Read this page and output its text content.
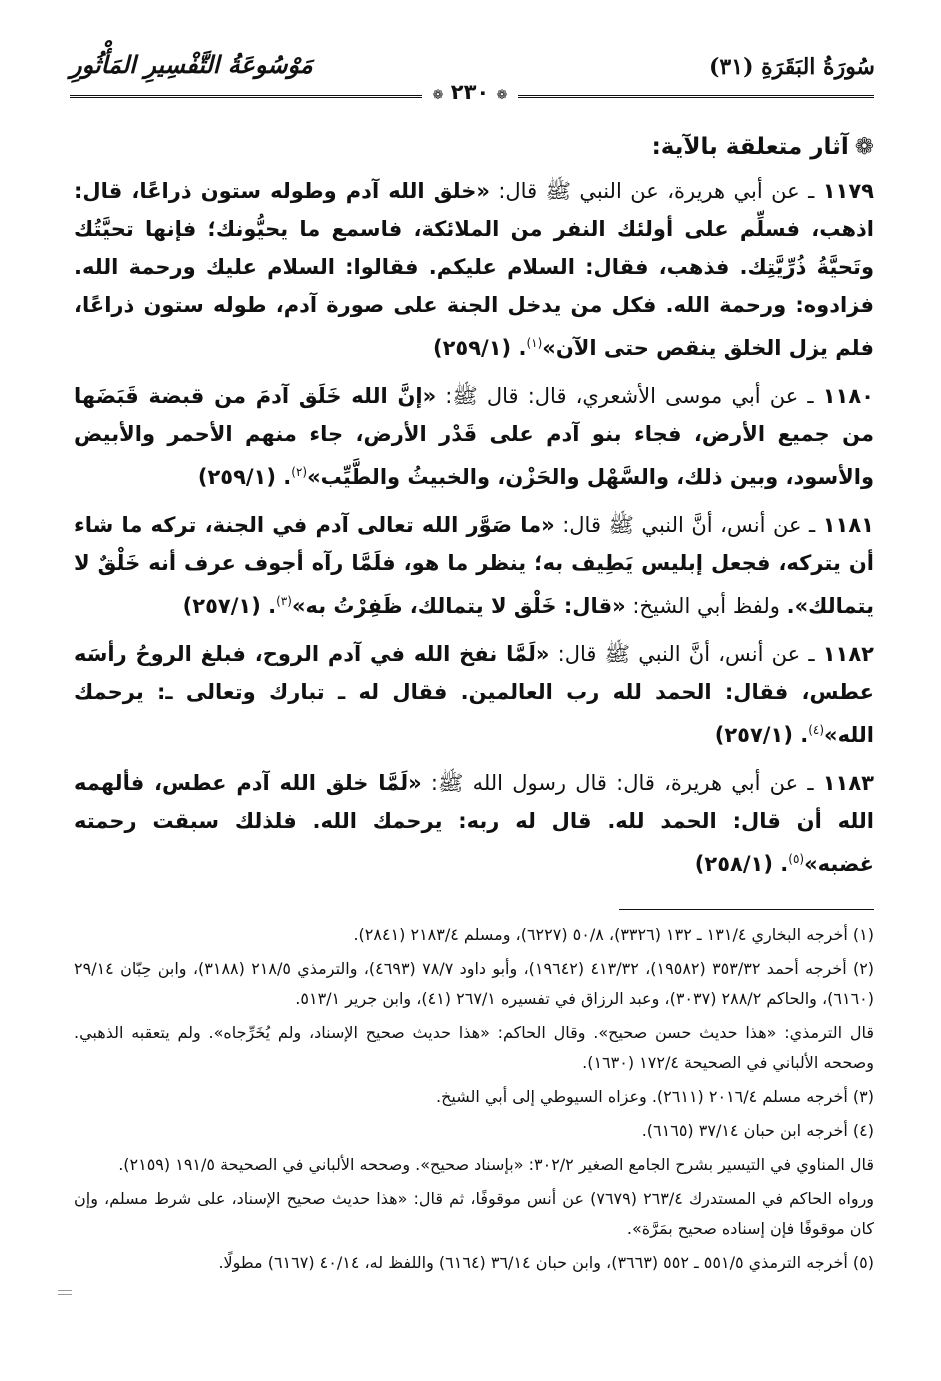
سُورَةُ البَقَرَةِ (٣١)
مَوْسُوعَةُ التَّفْسِيرِ المَأْثُورِ
❁ ٢٣٠ ❁
❁آثار متعلقة بالآية:

١١٧٩ ـ عن أبي هريرة، عن النبي ﷺ قال: «خلق الله آدم وطوله ستون ذراعًا، قال: اذهب، فسلِّم على أولئك النفر من الملائكة، فاسمع ما يحيُّونك؛ فإنها تحيَّتُك وتَحيَّةُ ذُرِّيَّتِك. فذهب، فقال: السلام عليكم. فقالوا: السلام عليك ورحمة الله. فزادوه: ورحمة الله. فكل من يدخل الجنة على صورة آدم، طوله ستون ذراعًا، فلم يزل الخلق ينقص حتى الآن»$^{(١)}$. (٢٥٩/١)

١١٨٠ ـ عن أبي موسى الأشعري، قال: قال ﷺ: «إنَّ الله خَلَق آدمَ من قبضة قَبَضَها من جميع الأرض، فجاء بنو آدم على قَدْر الأرض، جاء منهم الأحمر والأبيض والأسود، وبين ذلك، والسَّهْل والحَزْن، والخبيثُ والطَّيِّب»$^{(٢)}$. (٢٥٩/١)

١١٨١ ـ عن أنس، أنَّ النبي ﷺ قال: «ما صَوَّر الله تعالى آدم في الجنة، تركه ما شاء أن يتركه، فجعل إبليس يَطِيف به؛ ينظر ما هو، فلَمَّا رآه أجوف عرف أنه خَلْقٌ لا يتمالك». ولفظ أبي الشيخ: «قال: خَلْق لا يتمالك، ظَفِرْتُ به»$^{(٣)}$. (٢٥٧/١)

١١٨٢ ـ عن أنس، أنَّ النبي ﷺ قال: «لَمَّا نفخ الله في آدم الروح، فبلغ الروحُ رأسَه عطس، فقال: الحمد لله رب العالمين. فقال له ـ تبارك وتعالى ـ: يرحمك الله»$^{(٤)}$. (٢٥٧/١)

١١٨٣ ـ عن أبي هريرة، قال: قال رسول الله ﷺ: «لَمَّا خلق الله آدم عطس، فألهمه الله أن قال: الحمد لله. قال له ربه: يرحمك الله. فلذلك سبقت رحمته غضبه»$^{(٥)}$. (٢٥٨/١)

(١) أخرجه البخاري ١٣١/٤ ـ ١٣٢ (٣٣٢٦)، ٥٠/٨ (٦٢٢٧)، ومسلم ٢١٨٣/٤ (٢٨٤١).

(٢) أخرجه أحمد ٣٥٣/٣٢ (١٩٥٨٢)، ٤١٣/٣٢ (١٩٦٤٢)، وأبو داود ٧٨/٧ (٤٦٩٣)، والترمذي ٢١٨/٥ (٣١٨٨)، وابن حِبّان ٢٩/١٤ (٦١٦٠)، والحاكم ٢٨٨/٢ (٣٠٣٧)، وعبد الرزاق في تفسيره ٢٦٧/١ (٤١)، وابن جرير ٥١٣/١.

قال الترمذي: «هذا حديث حسن صحيح». وقال الحاكم: «هذا حديث صحيح الإسناد، ولم يُخَرِّجاه». ولم يتعقبه الذهبي. وصححه الألباني في الصحيحة ١٧٢/٤ (١٦٣٠).

(٣) أخرجه مسلم ٢٠١٦/٤ (٢٦١١). وعزاه السيوطي إلى أبي الشيخ.

(٤) أخرجه ابن حبان ٣٧/١٤ (٦١٦٥).

قال المناوي في التيسير بشرح الجامع الصغير ٣٠٢/٢: «بإسناد صحيح». وصححه الألباني في الصحيحة ١٩١/٥ (٢١٥٩).

ورواه الحاكم في المستدرك ٢٦٣/٤ (٧٦٧٩) عن أنس موقوفًا، ثم قال: «هذا حديث صحيح الإسناد، على شرط مسلم، وإن كان موقوفًا فإن إسناده صحيح بمَرَّة».

(٥) أخرجه الترمذي ٥٥١/٥ ـ ٥٥٢ (٣٦٦٣)، وابن حبان ٣٦/١٤ (٦١٦٤) واللفظ له، ٤٠/١٤ (٦١٦٧) مطولًا.
